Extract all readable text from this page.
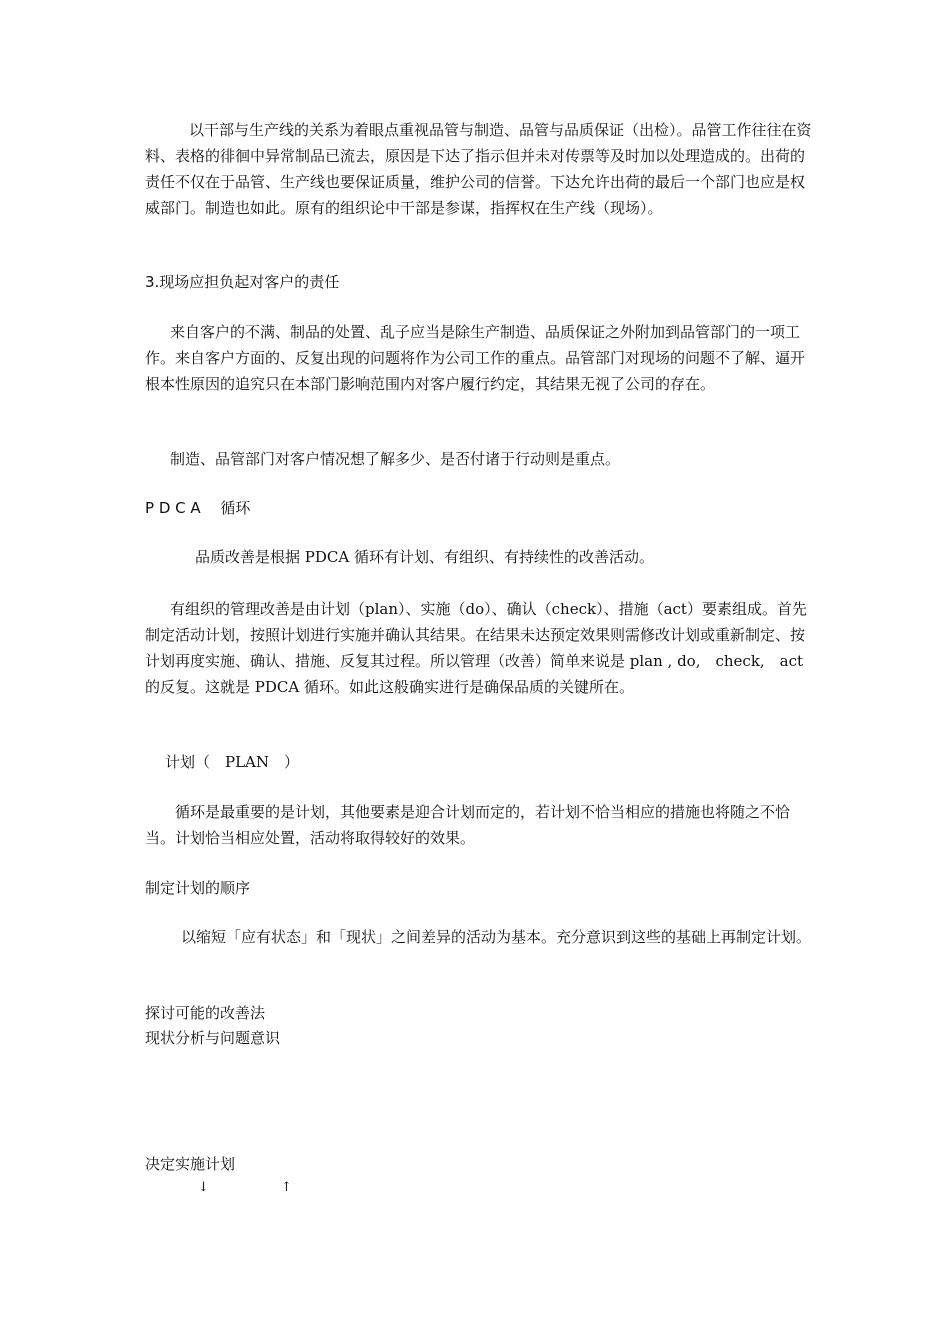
以干部与生产线的关系为着眼点重视品管与制造、品管与品质保证（出检）。品管工作往往在资料、表格的徘徊中异常制品已流去，原因是下达了指示但并未对传票等及时加以处理造成的。出荷的责任不仅在于品管、生产线也要保证质量，维护公司的信誉。下达允许出荷的最后一个部门也应是权威部门。制造也如此。原有的组织论中干部是参谋，指挥权在生产线（现场）。

3.现场应担负起对客户的责任

来自客户的不满、制品的处置、乱子应当是除生产制造、品质保证之外附加到品管部门的一项工作。来自客户方面的、反复出现的问题将作为公司工作的重点。品管部门对现场的问题不了解、逼开根本性原因的追究只在本部门影响范围内对客户履行约定，其结果无视了公司的存在。

制造、品管部门对客户情况想了解多少、是否付诸于行动则是重点。

P D C A　 循环

品质改善是根据 PDCA 循环有计划、有组织、有持续性的改善活动。

有组织的管理改善是由计划（plan）、实施（do）、确认（check）、措施（act）要素组成。首先制定活动计划，按照计划进行实施并确认其结果。在结果未达预定效果则需修改计划或重新制定、按计划再度实施、确认、措施、反复其过程。所以管理（改善）简单来说是 plan , do,　check,　act 的反复。这就是 PDCA 循环。如此这般确实进行是确保品质的关键所在。

计划（　PLAN　）

循环是最重要的是计划，其他要素是迎合计划而定的，若计划不恰当相应的措施也将随之不恰当。计划恰当相应处置，活动将取得较好的效果。

制定计划的顺序

以缩短「应有状态」和「现状」之间差异的活动为基本。充分意识到这些的基础上再制定计划。

探讨可能的改善法

现状分析与问题意识

决定实施计划

↓	↑
